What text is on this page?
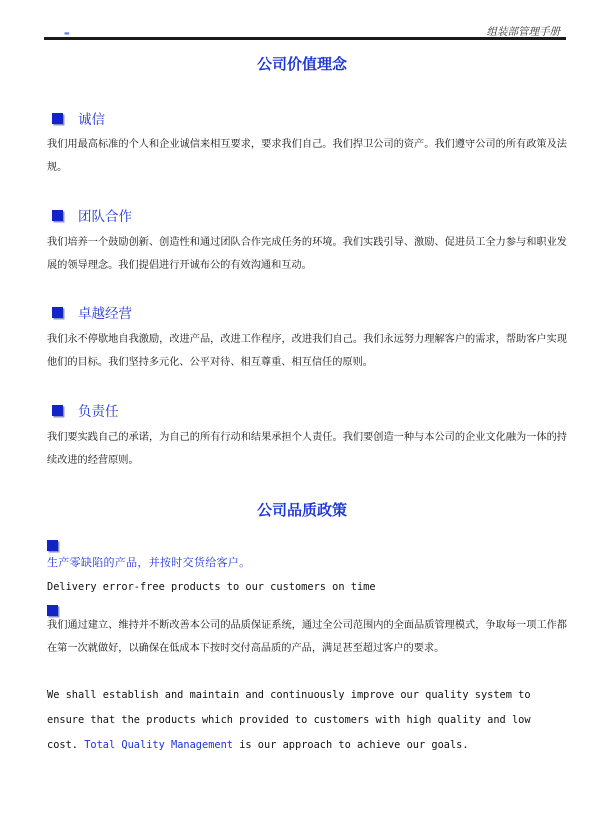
▬	组装部管理手册
公司价值理念
诚信
我们用最高标准的个人和企业诚信来相互要求，要求我们自己。我们捍卫公司的资产。我们遵守公司的所有政策及法规。
团队合作
我们培养一个鼓励创新、创造性和通过团队合作完成任务的环境。我们实践引导、激励、促进员工全力参与和职业发展的领导理念。我们提倡进行开诚布公的有效沟通和互动。
卓越经营
我们永不停歇地自我激励，改进产品，改进工作程序，改进我们自己。我们永远努力理解客户的需求，帮助客户实现他们的目标。我们坚持多元化、公平对待、相互尊重、相互信任的原则。
负责任
我们要实践自己的承诺，为自己的所有行动和结果承担个人责任。我们要创造一种与本公司的企业文化融为一体的持续改进的经营原则。
公司品质政策
生产零缺陷的产品，并按时交货给客户。
Delivery error-free products to our customers on time
我们通过建立、维持并不断改善本公司的品质保证系统，通过全公司范围内的全面品质管理模式，争取每一项工作都在第一次就做好，以确保在低成本下按时交付高品质的产品，满足甚至超过客户的要求。
We shall establish and maintain and continuously improve our quality system to ensure that the products which provided to customers with high quality and low cost. Total Quality Management is our approach to achieve our goals.
